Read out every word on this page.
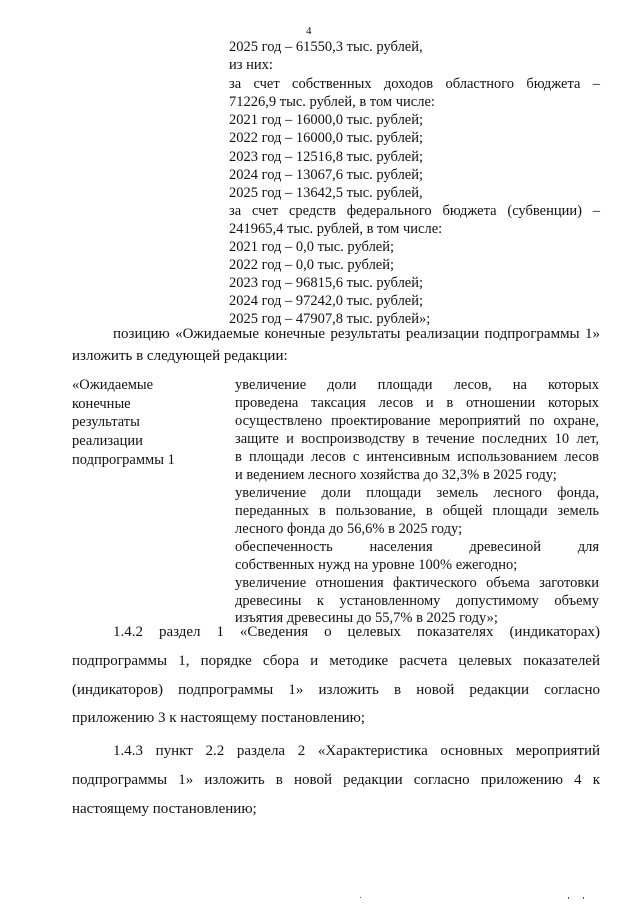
4
2025 год – 61550,3 тыс. рублей,
из них:
за счет собственных доходов областного бюджета –
71226,9 тыс. рублей, в том числе:
2021 год – 16000,0 тыс. рублей;
2022 год – 16000,0 тыс. рублей;
2023 год – 12516,8 тыс. рублей;
2024 год – 13067,6 тыс. рублей;
2025 год – 13642,5 тыс. рублей,
за счет средств федерального бюджета (субвенции) –
241965,4 тыс. рублей, в том числе:
2021 год – 0,0 тыс. рублей;
2022 год – 0,0 тыс. рублей;
2023 год – 96815,6 тыс. рублей;
2024 год – 97242,0 тыс. рублей;
2025 год – 47907,8 тыс. рублей»;
позицию «Ожидаемые конечные результаты реализации подпрограммы 1»
изложить в следующей редакции:
«Ожидаемые
конечные
результаты
реализации
подпрограммы 1
увеличение доли площади лесов, на которых
проведена таксация лесов и в отношении которых
осуществлено проектирование мероприятий по охране,
защите и воспроизводству в течение последних 10 лет,
в площади лесов с интенсивным использованием лесов
и ведением лесного хозяйства до 32,3% в 2025 году;
увеличение доли площади земель лесного фонда,
переданных в пользование, в общей площади земель
лесного фонда до 56,6% в 2025 году;
обеспеченность населения древесиной для
собственных нужд на уровне 100% ежегодно;
увеличение отношения фактического объема заготовки
древесины к установленному допустимому объему
изъятия древесины до 55,7% в 2025 году»;
1.4.2 раздел 1 «Сведения о целевых показателях (индикаторах)
подпрограммы 1, порядке сбора и методике расчета целевых показателей
(индикаторов) подпрограммы 1» изложить в новой редакции согласно
приложению 3 к настоящему постановлению;
1.4.3 пункт 2.2 раздела 2 «Характеристика основных мероприятий
подпрограммы 1» изложить в новой редакции согласно приложению 4 к
настоящему постановлению;
